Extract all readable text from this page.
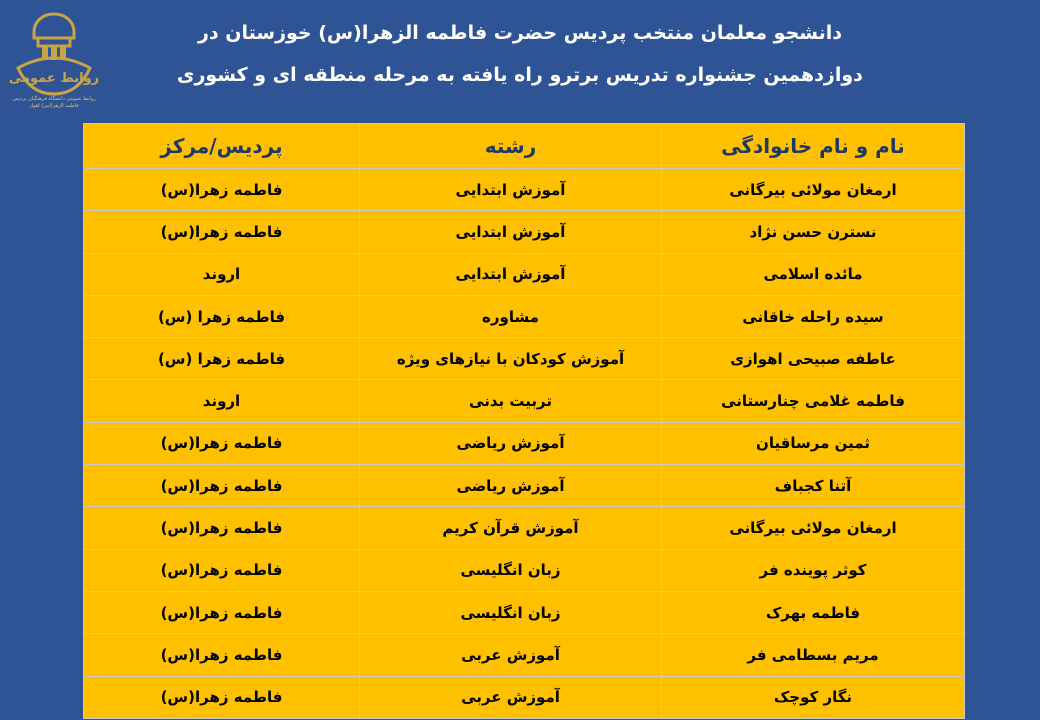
روابط عمومی
روابط عمومی دانشگاه فرهنگیان پردیس فاطمه الزهرا(س) اهواز
دانشجو معلمان منتخب پردیس حضرت فاطمه الزهرا(س) خوزستان در
دوازدهمین جشنواره تدریس برترو راه یافته به مرحله منطقه ای و کشوری
نام و نام خانوادگی	رشته	پردیس/مرکز
ارمغان مولائی بیرگانی	آموزش ابتدایی	فاطمه زهرا(س)
نسترن حسن نژاد	آموزش ابتدایی	فاطمه زهرا(س)
مائده اسلامی	آموزش ابتدایی	اروند
سیده راحله خاقانی	مشاوره	فاطمه زهرا (س)
عاطفه صبیحی اهوازی	آموزش کودکان با نیازهای ویژه	فاطمه زهرا (س)
فاطمه غلامی چنارستانی	تربیت بدنی	اروند
ثمین مرساقیان	آموزش ریاضی	فاطمه زهرا(س)
آتنا کجباف	آموزش ریاضی	فاطمه زهرا(س)
ارمغان مولائی بیرگانی	آموزش قرآن کریم	فاطمه زهرا(س)
کوثر پوینده فر	زبان انگلیسی	فاطمه زهرا(س)
فاطمه بهرک	زبان انگلیسی	فاطمه زهرا(س)
مریم بسطامی فر	آموزش عربی	فاطمه زهرا(س)
نگار کوچک	آموزش عربی	فاطمه زهرا(س)
